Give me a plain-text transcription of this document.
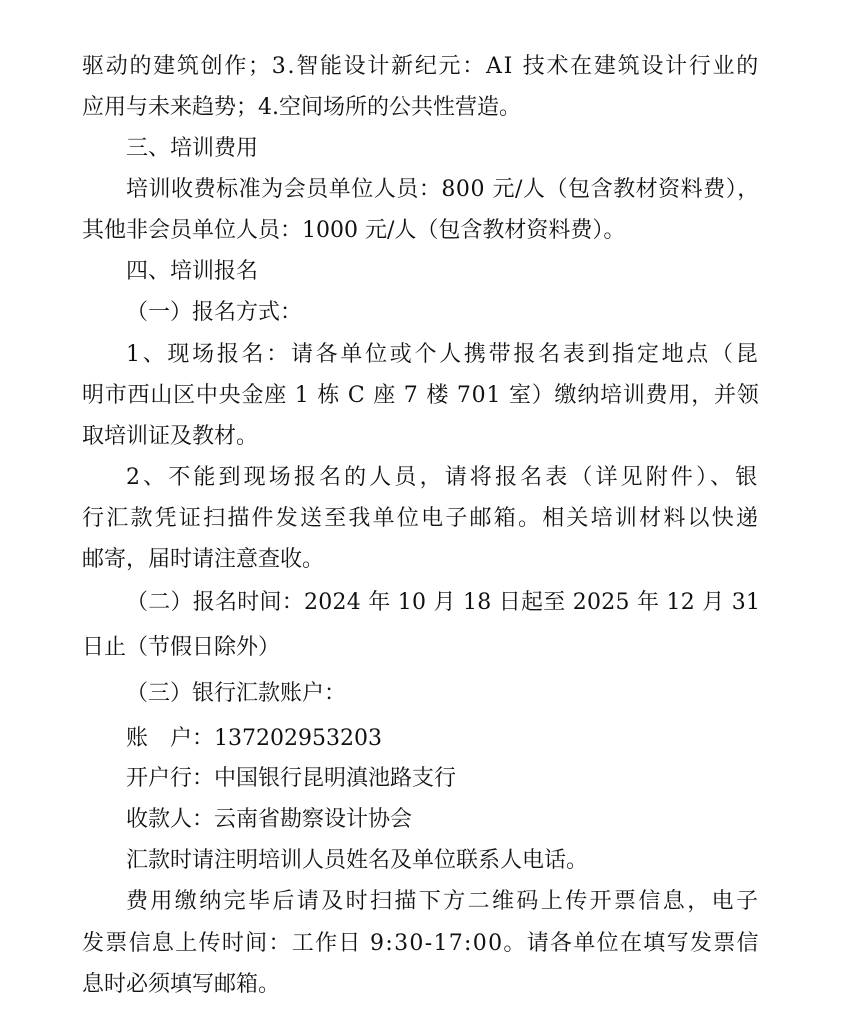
驱动的建筑创作；3.智能设计新纪元：AI 技术在建筑设计行业的
应用与未来趋势；4.空间场所的公共性营造。
三、培训费用
培训收费标准为会员单位人员：800 元/人（包含教材资料费），
其他非会员单位人员：1000 元/人（包含教材资料费）。
四、培训报名
（一）报名方式：
1、现场报名：请各单位或个人携带报名表到指定地点（昆
明市西山区中央金座 1 栋 C 座 7 楼 701 室）缴纳培训费用，并领
取培训证及教材。
2、不能到现场报名的人员，请将报名表（详见附件）、银
行汇款凭证扫描件发送至我单位电子邮箱。相关培训材料以快递
邮寄，届时请注意查收。
（二）报名时间：2024 年 10 月 18 日起至 2025 年 12 月 31
日止（节假日除外）
（三）银行汇款账户：
账　户：137202953203
开户行：中国银行昆明滇池路支行
收款人：云南省勘察设计协会
汇款时请注明培训人员姓名及单位联系人电话。
费用缴纳完毕后请及时扫描下方二维码上传开票信息，电子
发票信息上传时间：工作日 9:30-17:00。请各单位在填写发票信
息时必须填写邮箱。
